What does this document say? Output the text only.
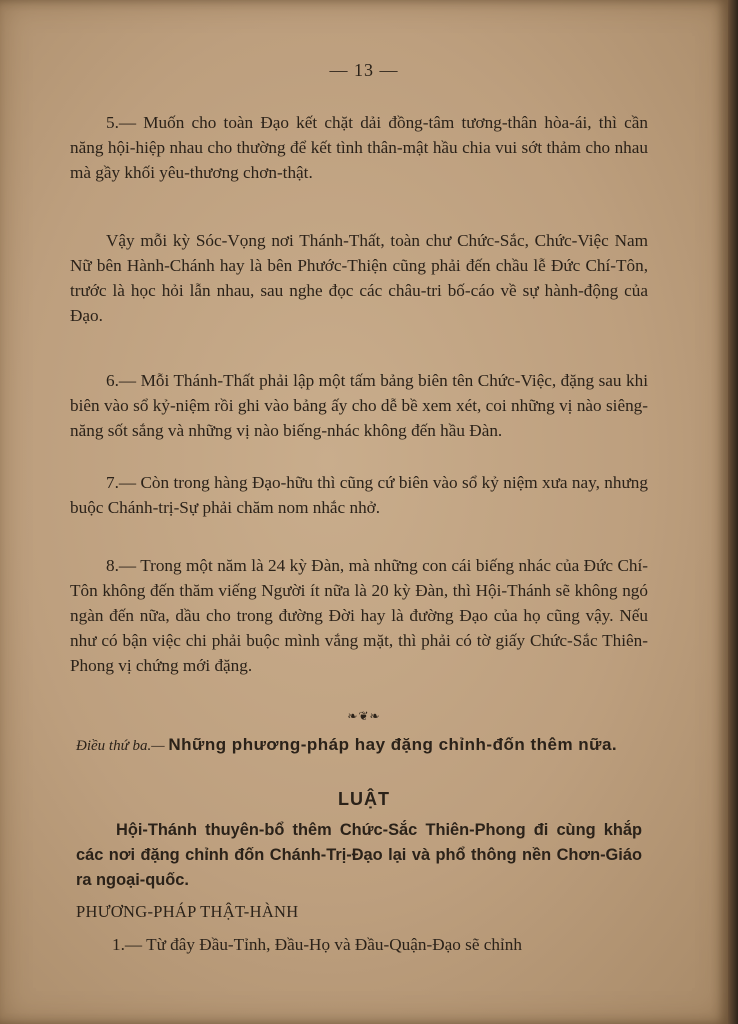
— 13 —
5.— Muốn cho toàn Đạo kết chặt dải đồng-tâm tương-thân hòa-ái, thì cần năng hội-hiệp nhau cho thường để kết tình thân-mật hầu chia vui sớt thảm cho nhau mà gầy khối yêu-thương chơn-thật.
Vậy mỗi kỳ Sóc-Vọng nơi Thánh-Thất, toàn chư Chức-Sắc, Chức-Việc Nam Nữ bên Hành-Chánh hay là bên Phước-Thiện cũng phải đến chầu lễ Đức Chí-Tôn, trước là học hỏi lẫn nhau, sau nghe đọc các châu-tri bố-cáo về sự hành-động của Đạo.
6.— Mỗi Thánh-Thất phải lập một tấm bảng biên tên Chức-Việc, đặng sau khi biên vào sổ kỷ-niệm rồi ghi vào bảng ấy cho dễ bề xem xét, coi những vị nào siêng-năng sốt sắng và những vị nào biếng-nhác không đến hầu Đàn.
7.— Còn trong hàng Đạo-hữu thì cũng cứ biên vào sổ kỷ niệm xưa nay, nhưng buộc Chánh-trị-Sự phải chăm nom nhắc nhở.
8.— Trong một năm là 24 kỳ Đàn, mà những con cái biếng nhác của Đức Chí-Tôn không đến thăm viếng Người ít nữa là 20 kỳ Đàn, thì Hội-Thánh sẽ không ngó ngàn đến nữa, dầu cho trong đường Đời hay là đường Đạo của họ cũng vậy. Nếu như có bận việc chi phải buộc mình vắng mặt, thì phải có tờ giấy Chức-Sắc Thiên-Phong vị chứng mới đặng.
❧❦❧
Điều thứ ba.— Những phương-pháp hay đặng chỉnh-đốn thêm nữa.
LUẬT
Hội-Thánh thuyên-bổ thêm Chức-Sắc Thiên-Phong đi cùng khắp các nơi đặng chỉnh đốn Chánh-Trị-Đạo lại và phổ thông nền Chơn-Giáo ra ngoại-quốc.
PHƯƠNG-PHÁP THẬT-HÀNH
1.— Từ đây Đầu-Tỉnh, Đầu-Họ và Đầu-Quận-Đạo sẽ chỉnh
